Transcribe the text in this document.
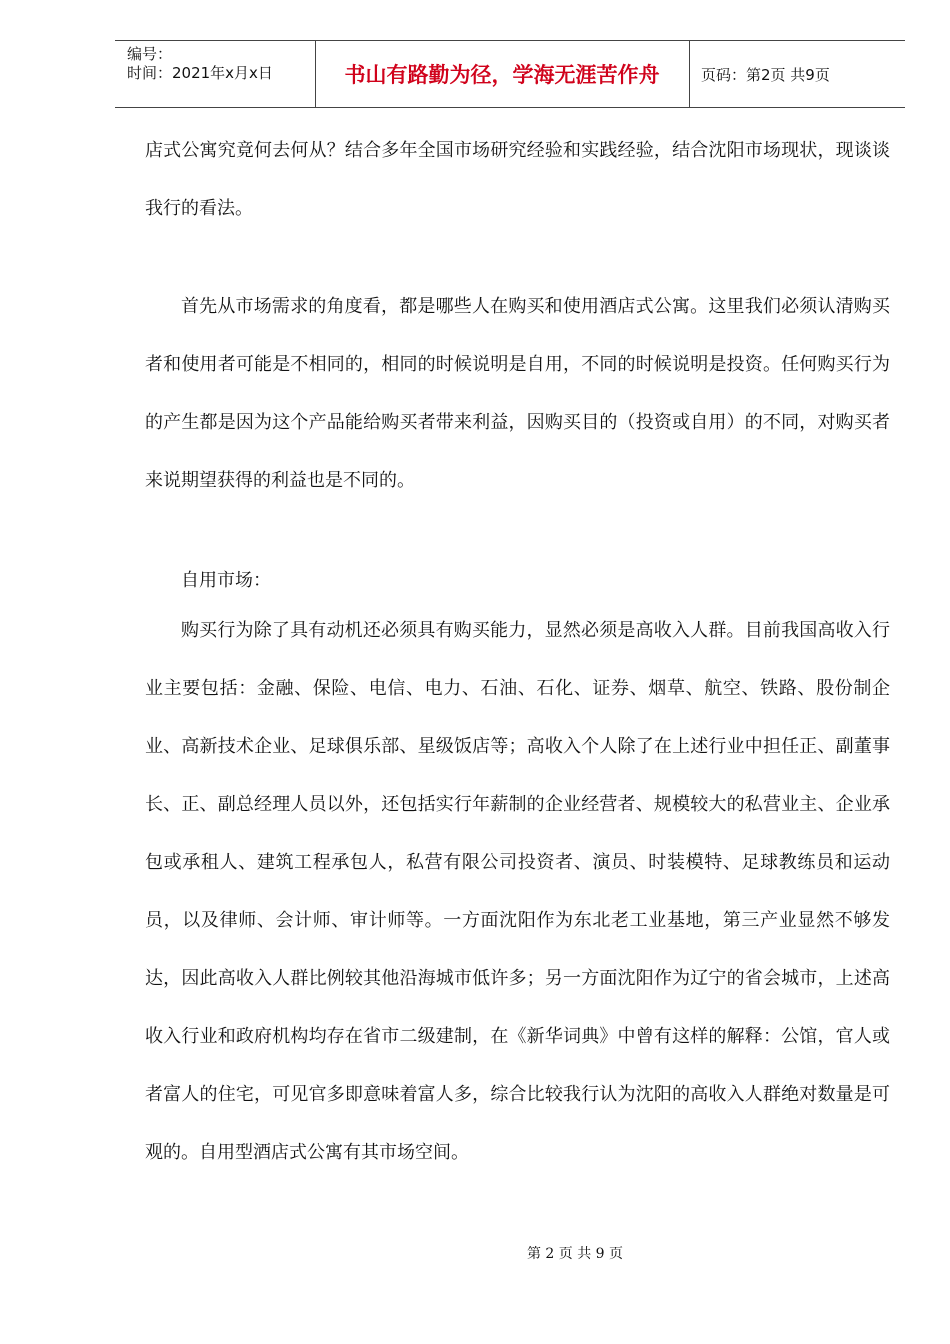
编号：
时间：2021年x月x日	书山有路勤为径，学海无涯苦作舟	页码：第2页 共9页
店式公寓究竟何去何从？结合多年全国市场研究经验和实践经验，结合沈阳市场现状，现谈谈我行的看法。
首先从市场需求的角度看，都是哪些人在购买和使用酒店式公寓。这里我们必须认清购买者和使用者可能是不相同的，相同的时候说明是自用，不同的时候说明是投资。任何购买行为的产生都是因为这个产品能给购买者带来利益，因购买目的（投资或自用）的不同，对购买者来说期望获得的利益也是不同的。
自用市场：
购买行为除了具有动机还必须具有购买能力，显然必须是高收入人群。目前我国高收入行业主要包括：金融、保险、电信、电力、石油、石化、证券、烟草、航空、铁路、股份制企业、高新技术企业、足球俱乐部、星级饭店等；高收入个人除了在上述行业中担任正、副董事长、正、副总经理人员以外，还包括实行年薪制的企业经营者、规模较大的私营业主、企业承包或承租人、建筑工程承包人，私营有限公司投资者、演员、时装模特、足球教练员和运动员，以及律师、会计师、审计师等。一方面沈阳作为东北老工业基地，第三产业显然不够发达，因此高收入人群比例较其他沿海城市低许多；另一方面沈阳作为辽宁的省会城市，上述高收入行业和政府机构均存在省市二级建制，在《新华词典》中曾有这样的解释：公馆，官人或者富人的住宅，可见官多即意味着富人多，综合比较我行认为沈阳的高收入人群绝对数量是可观的。自用型酒店式公寓有其市场空间。
第 2 页 共 9 页
